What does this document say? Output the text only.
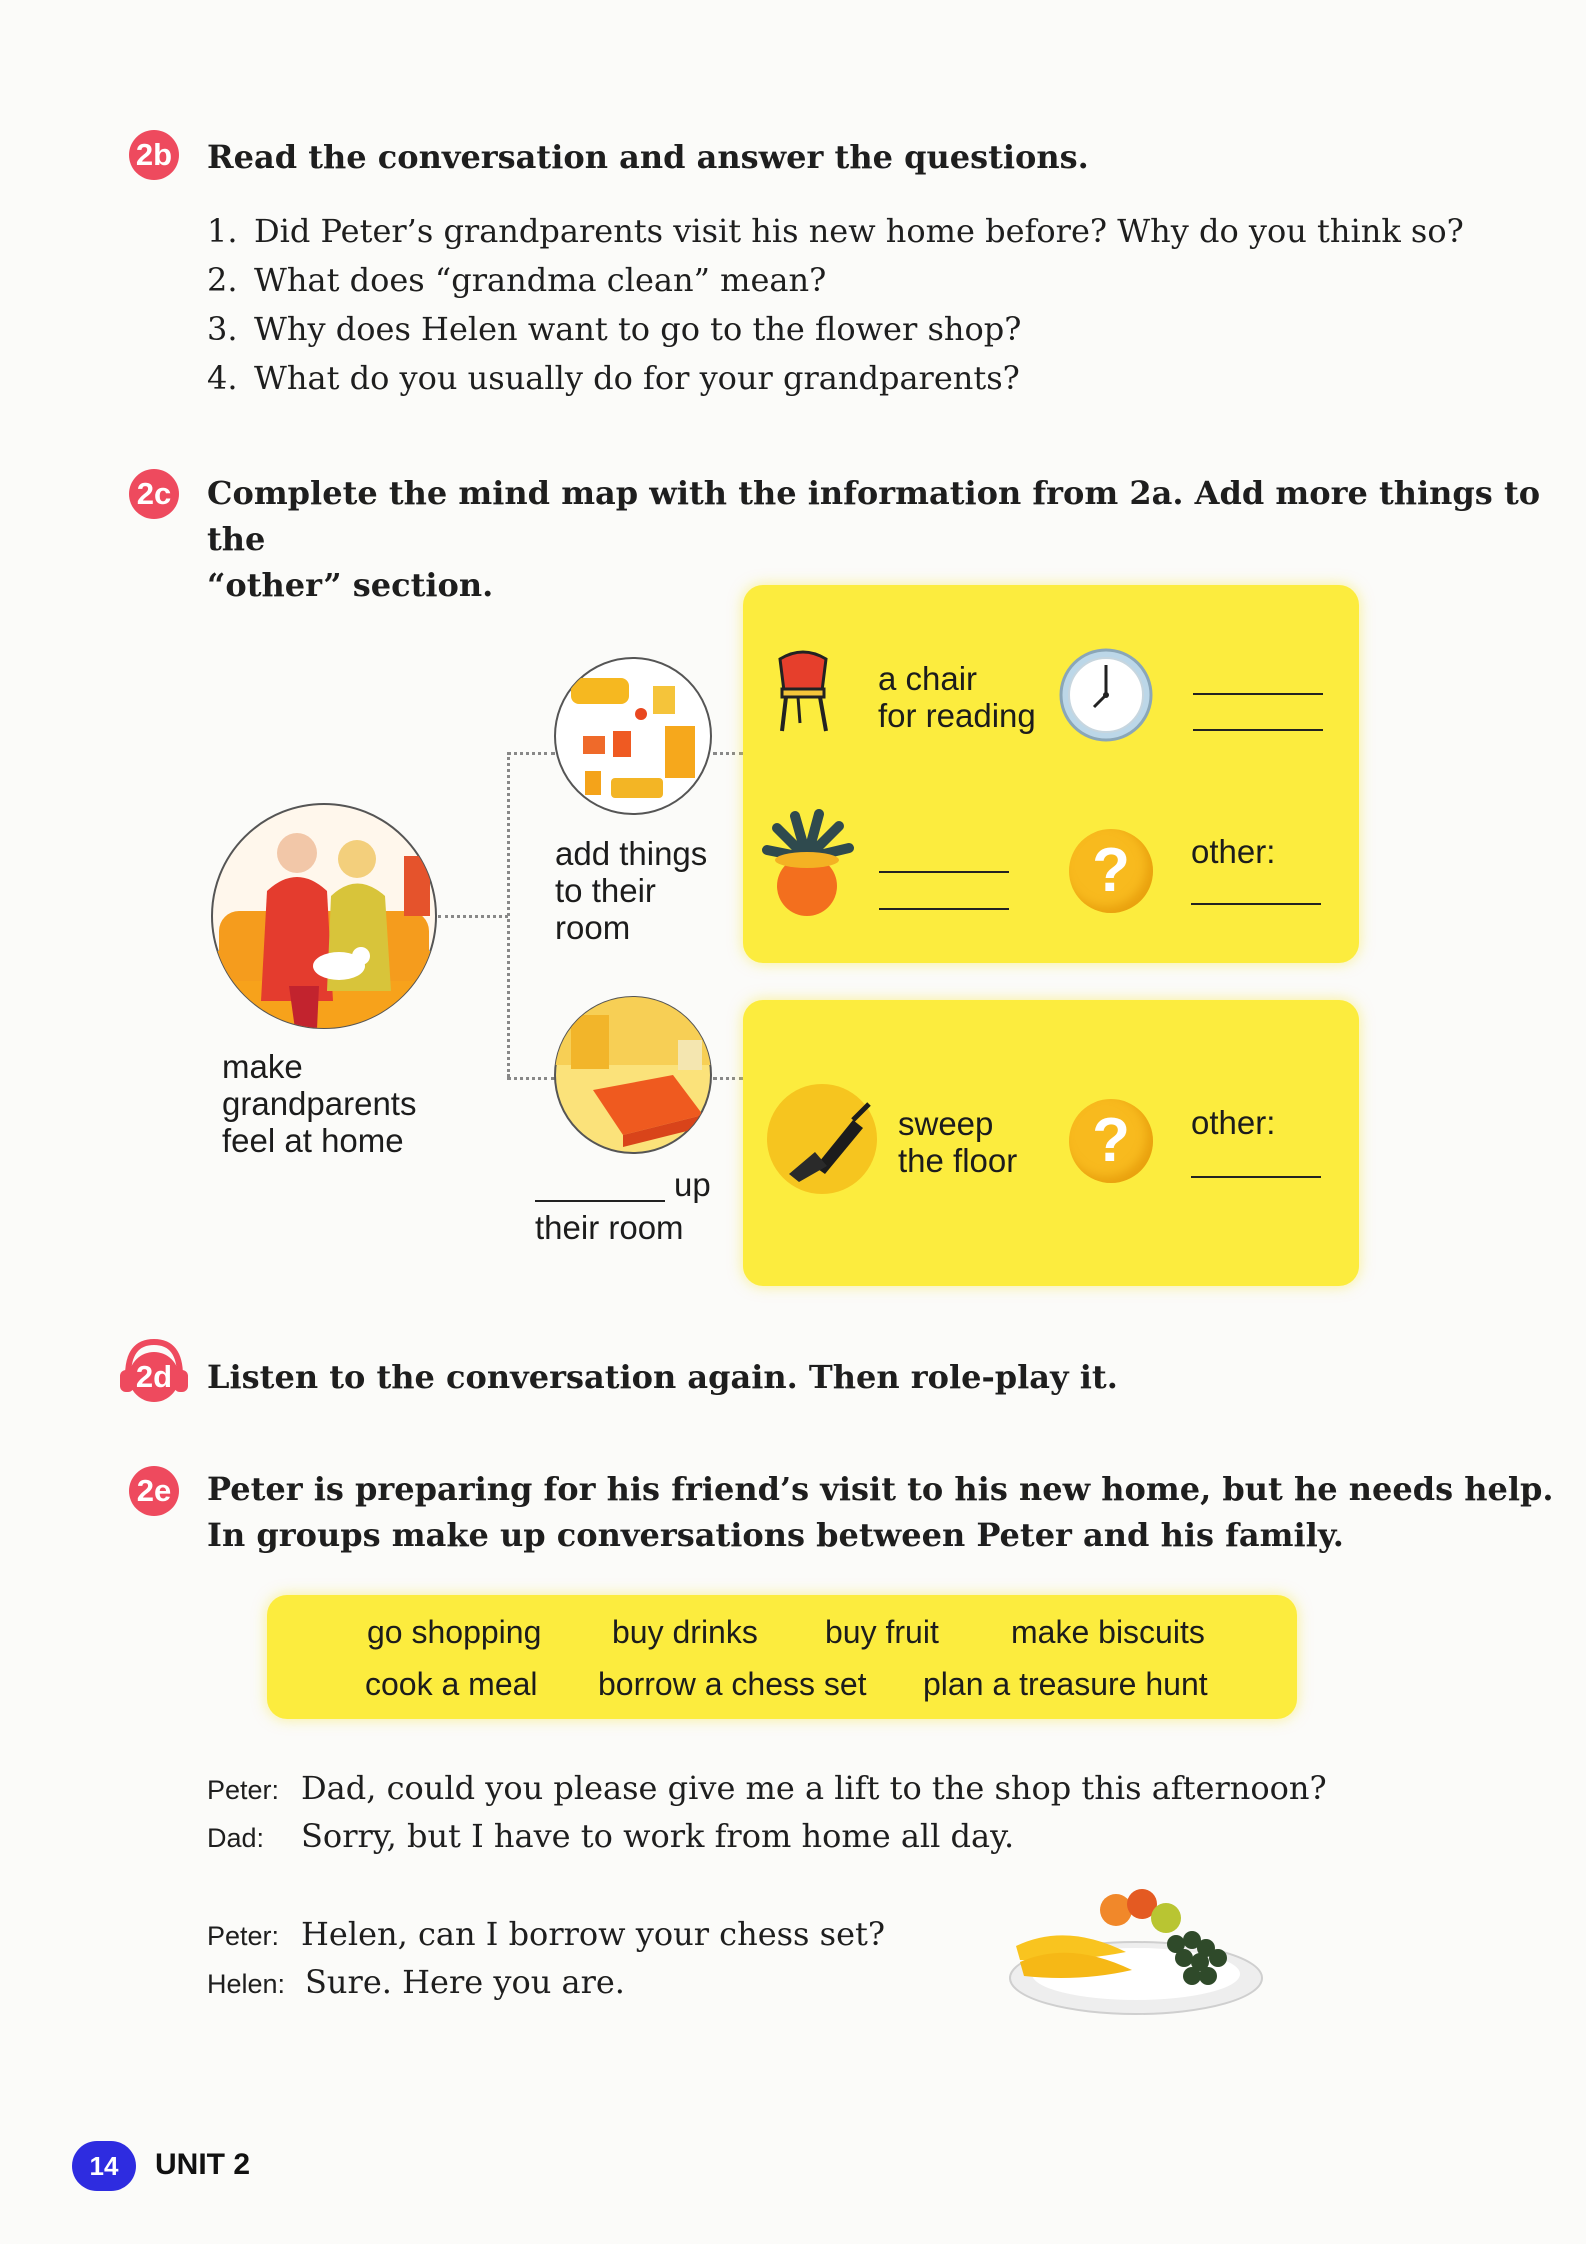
2b Read the conversation and answer the questions.
1. Did Peter’s grandparents visit his new home before? Why do you think so?
2. What does “grandma clean” mean?
3. Why does Helen want to go to the flower shop?
4. What do you usually do for your grandparents?
2c Complete the mind map with the information from 2a. Add more things to the
“other” section.
make
grandparents
feel at home
add things
to their
room
up
their room
a chair
for reading
?	other:
sweep
the floor	?	other:
2d Listen to the conversation again. Then role-play it.
2e Peter is preparing for his friend’s visit to his new home, but he needs help.
In groups make up conversations between Peter and his family.
go shopping buy drinks buy fruit make biscuits
cook a meal borrow a chess set plan a treasure hunt
Peter: Dad, could you please give me a lift to the shop this afternoon?
Dad: Sorry, but I have to work from home all day.
Peter: Helen, can I borrow your chess set?
Helen: Sure. Here you are.
14	UNIT 2
